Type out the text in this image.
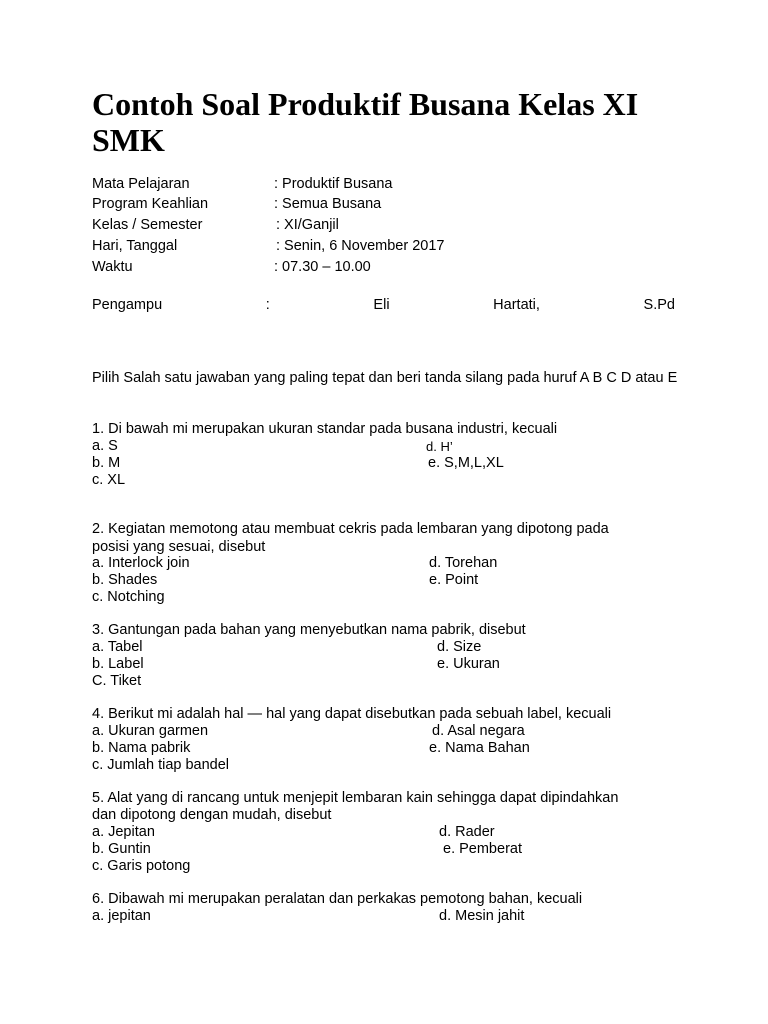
Contoh Soal Produktif Busana Kelas XI SMK
Mata Pelajaran	: Produktif Busana
Program Keahlian	: Semua Busana
Kelas / Semester	: XI/Ganjil
Hari, Tanggal	: Senin, 6 November 2017
Waktu	: 07.30 – 10.00
Pengampu	:	Eli	Hartati,	S.Pd
Pilih Salah satu jawaban yang paling tepat dan beri tanda silang pada huruf A B C D atau E
1. Di bawah mi merupakan ukuran standar pada busana industri, kecuali
a. S	d. H’
b. M	e. S,M,L,XL
c. XL
2. Kegiatan memotong atau membuat cekris pada lembaran yang dipotong pada
posisi yang sesuai, disebut
a. Interlock join	d. Torehan
b. Shades	e. Point
c. Notching
3. Gantungan pada bahan yang menyebutkan nama pabrik, disebut
a. Tabel	d. Size
b. Label	e. Ukuran
C. Tiket
4. Berikut mi adalah hal — hal yang dapat disebutkan pada sebuah label, kecuali
a. Ukuran garmen	d. Asal negara
b. Nama pabrik	e. Nama Bahan
c. Jumlah tiap bandel
5. Alat yang di rancang untuk menjepit lembaran kain sehingga dapat dipindahkan
dan dipotong dengan mudah, disebut
a. Jepitan	d. Rader
b. Guntin	e. Pemberat
c. Garis potong
6. Dibawah mi merupakan peralatan dan perkakas pemotong bahan, kecuali
a. jepitan	d. Mesin jahit
